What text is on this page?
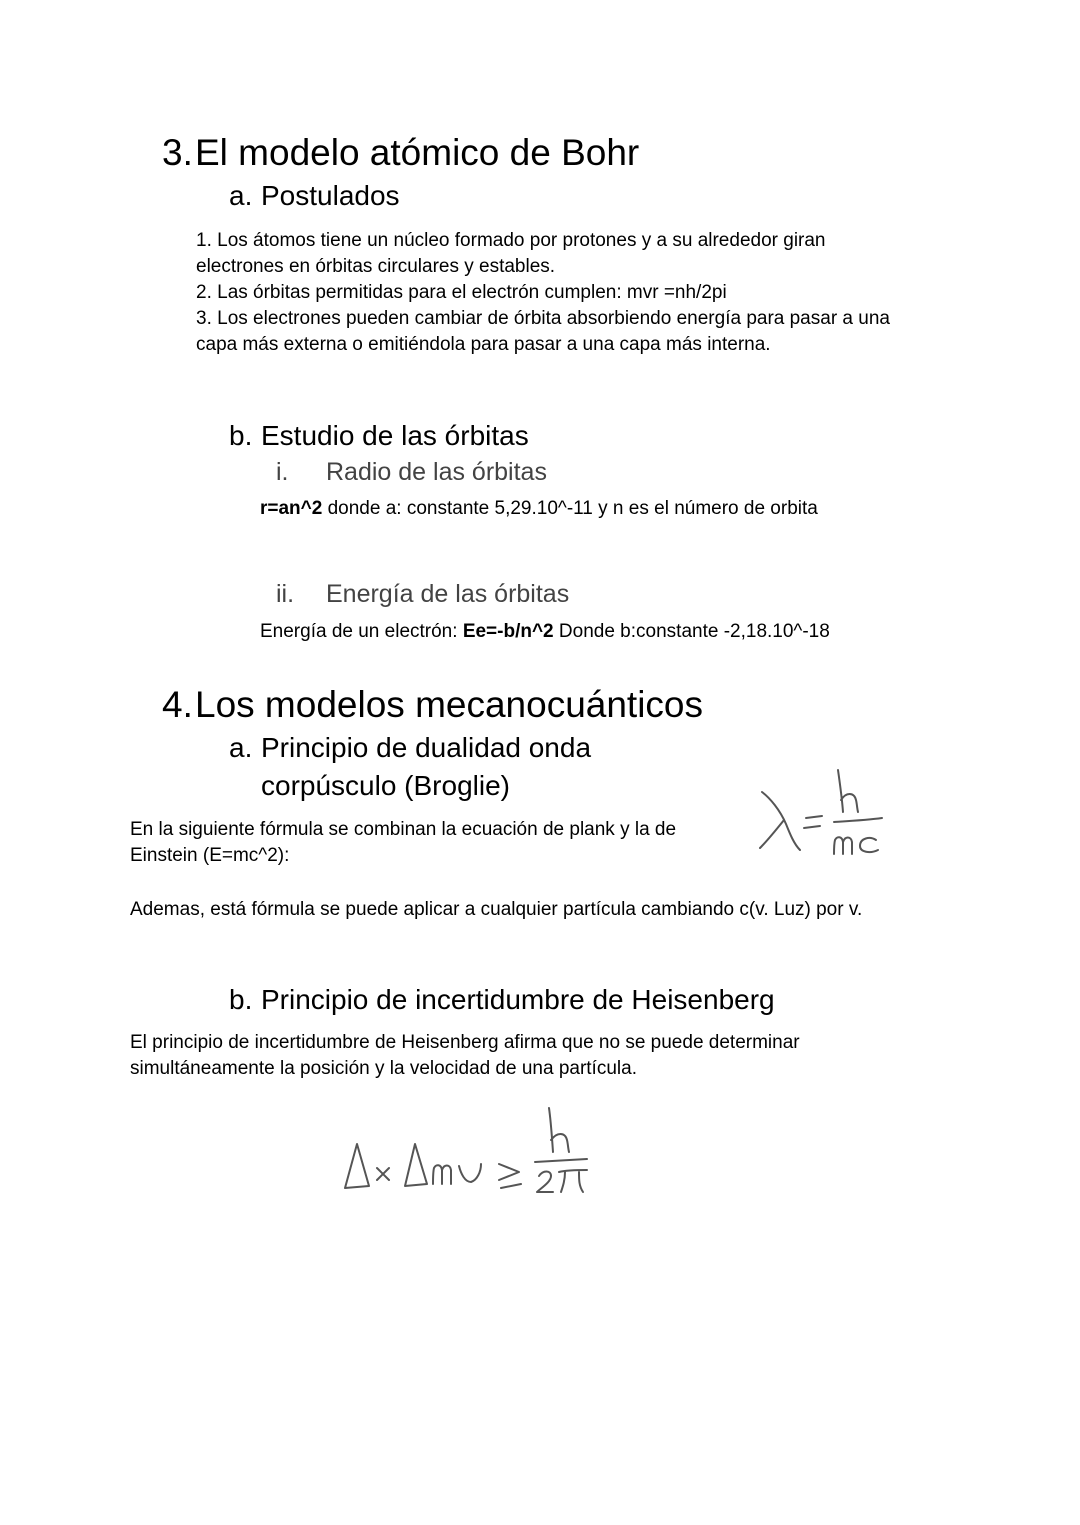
3.El modelo atómico de Bohr
a. Postulados
1. Los átomos tiene un núcleo formado por protones y a su alrededor giran
electrones en órbitas circulares y estables.
2. Las órbitas permitidas para el electrón cumplen: mvr =nh/2pi
3. Los electrones pueden cambiar de órbita absorbiendo energía para pasar a una
capa más externa o emitiéndola para pasar a una capa más interna.
b. Estudio de las órbitas
i. Radio de las órbitas
r=an^2 donde a: constante 5,29.10^-11 y n es el número de orbita
ii. Energía de las órbitas
Energía de un electrón: Ee=-b/n^2 Donde b:constante -2,18.10^-18
4.Los modelos mecanocuánticos
a. Principio de dualidad onda
corpúsculo (Broglie)
En la siguiente fórmula se combinan la ecuación de plank y la de
Einstein (E=mc^2):
Ademas, está fórmula se puede aplicar a cualquier partícula cambiando c(v. Luz) por v.
b. Principio de incertidumbre de Heisenberg
El principio de incertidumbre de Heisenberg afirma que no se puede determinar
simultáneamente la posición y la velocidad de una partícula.
